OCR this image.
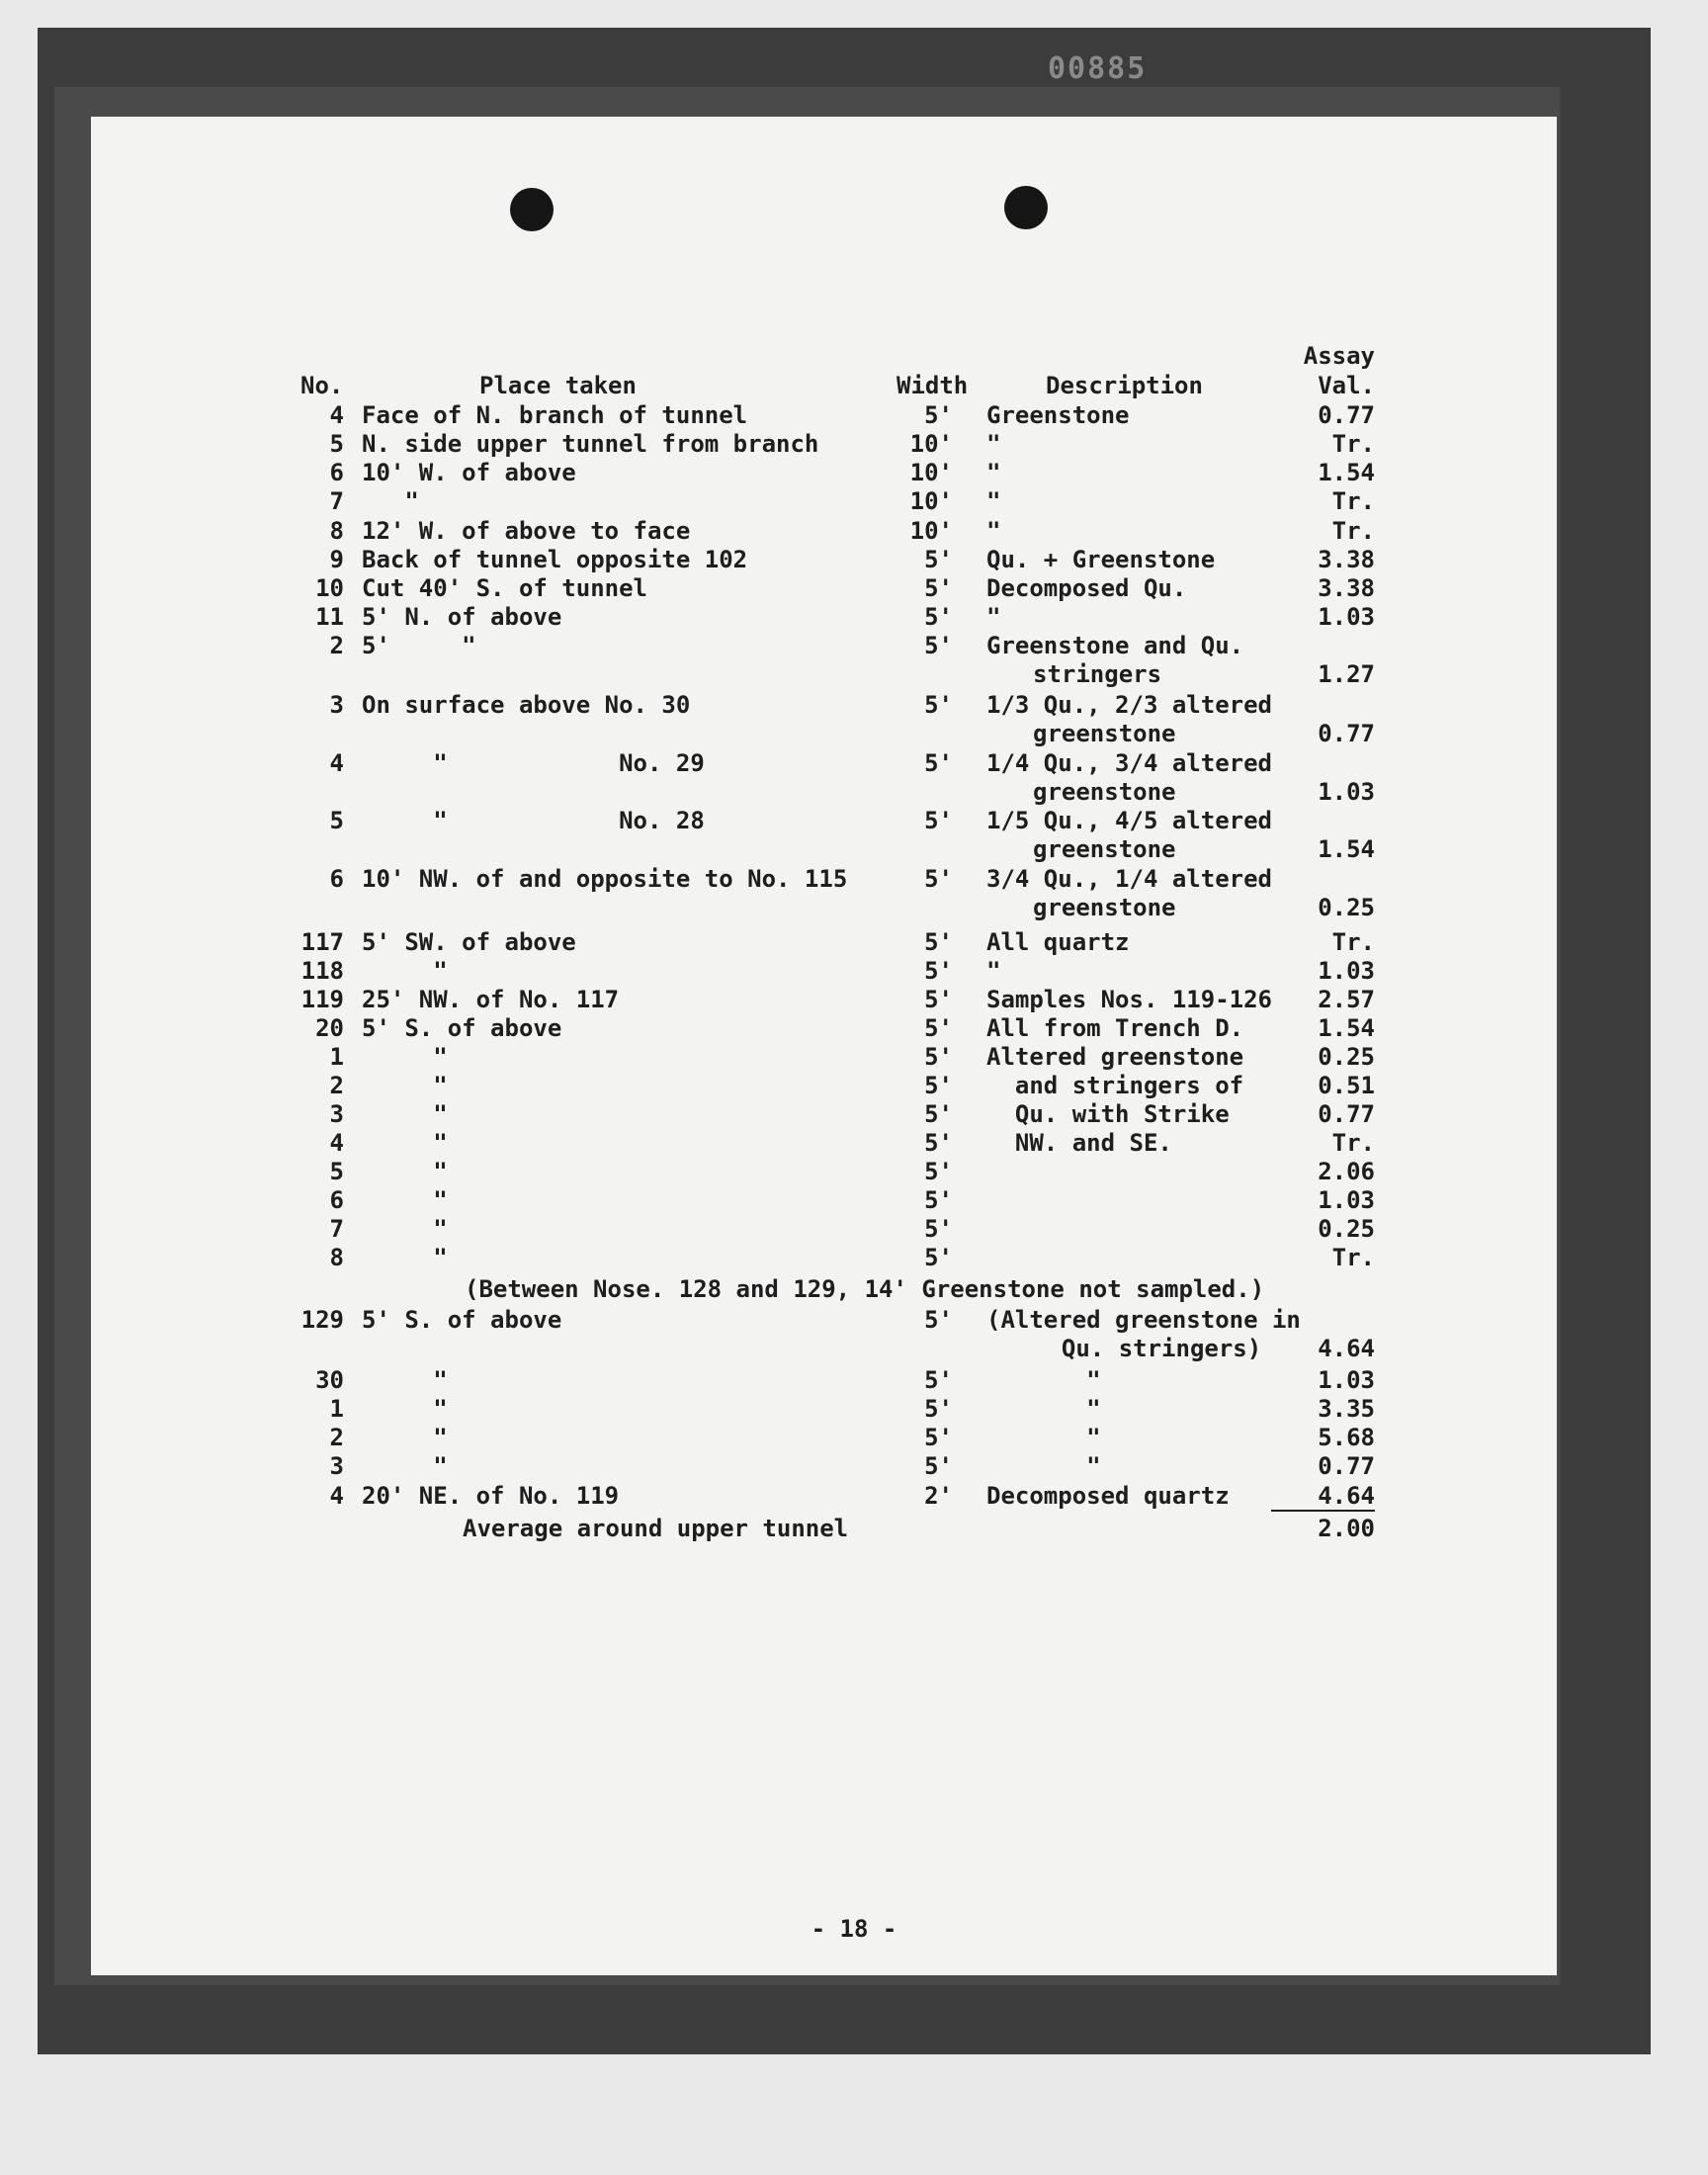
00885
Assay
No.	Place taken	Width	Description	Val.
4 Face of N. branch of tunnel	5' Greenstone	0.77
5 N. side upper tunnel from branch	10' "	Tr.
6 10' W. of above	10' "	1.54
7 "	10' "	Tr.
8 12' W. of above to face	10' "	Tr.
9 Back of tunnel opposite 102	5' Qu. + Greenstone	3.38
10 Cut 40' S. of tunnel	5' Decomposed Qu.	3.38
11 5' N. of above	5' "	1.03
2 5'     "	5' Greenstone and Qu.
stringers	1.27
3 On surface above No. 30	5' 1/3 Qu., 2/3 altered
greenstone	0.77
4 "            No. 29	5' 1/4 Qu., 3/4 altered
greenstone	1.03
5 "            No. 28	5' 1/5 Qu., 4/5 altered
greenstone	1.54
6 10' NW. of and opposite to No. 115	5' 3/4 Qu., 1/4 altered
greenstone	0.25
117 5' SW. of above	5' All quartz	Tr.
118 "	5' "	1.03
119 25' NW. of No. 117	5' Samples Nos. 119-126	2.57
20 5' S. of above	5' All from Trench D.	1.54
1 "	5' Altered greenstone	0.25
2 "	5' and stringers of	0.51
3 "	5' Qu. with Strike	0.77
4 "	5' NW. and SE.	Tr.
5 "	5'	2.06
6 "	5'	1.03
7 "	5'	0.25
8 "	5'	Tr.
(Between Nose. 128 and 129, 14' Greenstone not sampled.)
129 5' S. of above	5' (Altered greenstone in
Qu. stringers)	4.64
30 "	5' "	1.03
1 "	5' "	3.35
2 "	5' "	5.68
3 "	5' "	0.77
4 20' NE. of No. 119	2' Decomposed quartz	4.64
Average around upper tunnel	2.00
- 18 -
